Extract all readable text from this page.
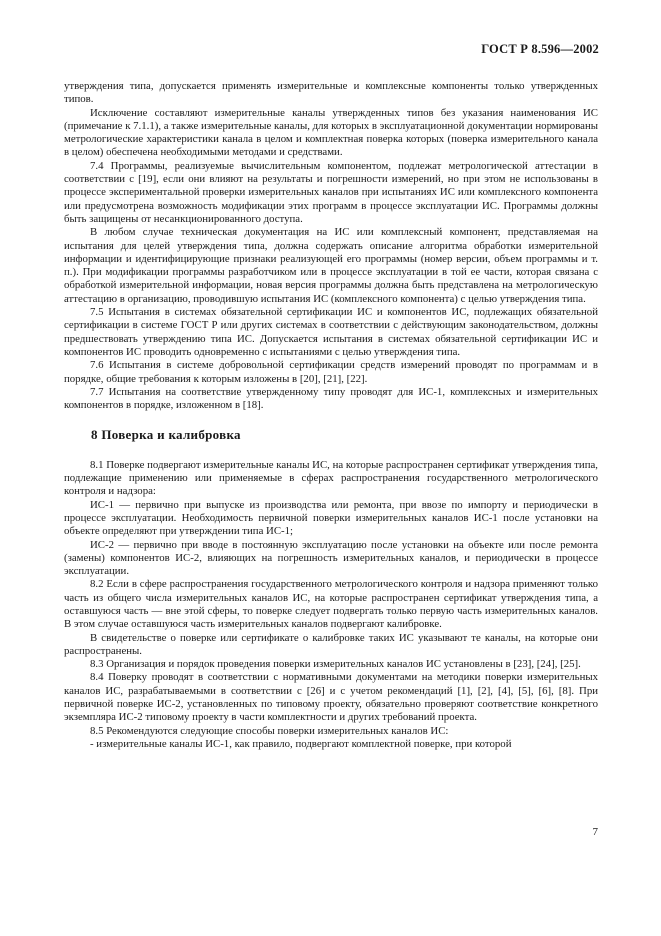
ГОСТ Р 8.596—2002

утверждения типа, допускается применять измерительные и комплексные компоненты только утвержденных типов.

Исключение составляют измерительные каналы утвержденных типов без указания наименования ИС (примечание к 7.1.1), а также измерительные каналы, для которых в эксплуатационной документации нормированы метрологические характеристики канала в целом и комплектная поверка которых (поверка измерительного канала в целом) обеспечена необходимыми методами и средствами.

7.4 Программы, реализуемые вычислительным компонентом, подлежат метрологической аттестации в соответствии с [19], если они влияют на результаты и погрешности измерений, но при этом не использованы в процессе экспериментальной проверки измерительных каналов при испытаниях ИС или комплексного компонента или предусмотрена возможность модификации этих программ в процессе эксплуатации ИС. Программы должны быть защищены от несанкционированного доступа.

В любом случае техническая документация на ИС или комплексный компонент, представляемая на испытания для целей утверждения типа, должна содержать описание алгоритма обработки измерительной информации и идентифицирующие признаки реализующей его программы (номер версии, объем программы и т. п.). При модификации программы разработчиком или в процессе эксплуатации в той ее части, которая связана с обработкой измерительной информации, новая версия программы должна быть представлена на метрологическую аттестацию в организацию, проводившую испытания ИС (комплексного компонента) с целью утверждения типа.

7.5 Испытания в системах обязательной сертификации ИС и компонентов ИС, подлежащих обязательной сертификации в системе ГОСТ Р или других системах в соответствии с действующим законодательством, должны предшествовать утверждению типа ИС. Допускается испытания в системах обязательной сертификации ИС и компонентов ИС проводить одновременно с испытаниями с целью утверждения типа.

7.6 Испытания в системе добровольной сертификации средств измерений проводят по программам и в порядке, общие требования к которым изложены в [20], [21], [22].

7.7 Испытания на соответствие утвержденному типу проводят для ИС-1, комплексных и измерительных компонентов в порядке, изложенном в [18].

8 Поверка и калибровка

8.1 Поверке подвергают измерительные каналы ИС, на которые распространен сертификат утверждения типа, подлежащие применению или применяемые в сферах распространения государственного метрологического контроля и надзора:

ИС-1 — первично при выпуске из производства или ремонта, при ввозе по импорту и периодически в процессе эксплуатации. Необходимость первичной поверки измерительных каналов ИС-1 после установки на объекте определяют при утверждении типа ИС-1;

ИС-2 — первично при вводе в постоянную эксплуатацию после установки на объекте или после ремонта (замены) компонентов ИС-2, влияющих на погрешность измерительных каналов, и периодически в процессе эксплуатации.

8.2 Если в сфере распространения государственного метрологического контроля и надзора применяют только часть из общего числа измерительных каналов ИС, на которые распространен сертификат утверждения типа, а оставшуюся часть — вне этой сферы, то поверке следует подвергать только первую часть измерительных каналов. В этом случае оставшуюся часть измерительных каналов подвергают калибровке.

В свидетельстве о поверке или сертификате о калибровке таких ИС указывают те каналы, на которые они распространены.

8.3 Организация и порядок проведения поверки измерительных каналов ИС установлены в [23], [24], [25].

8.4 Поверку проводят в соответствии с нормативными документами на методики поверки измерительных каналов ИС, разрабатываемыми в соответствии с [26] и с учетом рекомендаций [1], [2], [4], [5], [6], [8]. При первичной поверке ИС-2, установленных по типовому проекту, обязательно проверяют соответствие конкретного экземпляра ИС-2 типовому проекту в части комплектности и других требований проекта.

8.5 Рекомендуются следующие способы поверки измерительных каналов ИС:

- измерительные каналы ИС-1, как правило, подвергают комплектной поверке, при которой

7
